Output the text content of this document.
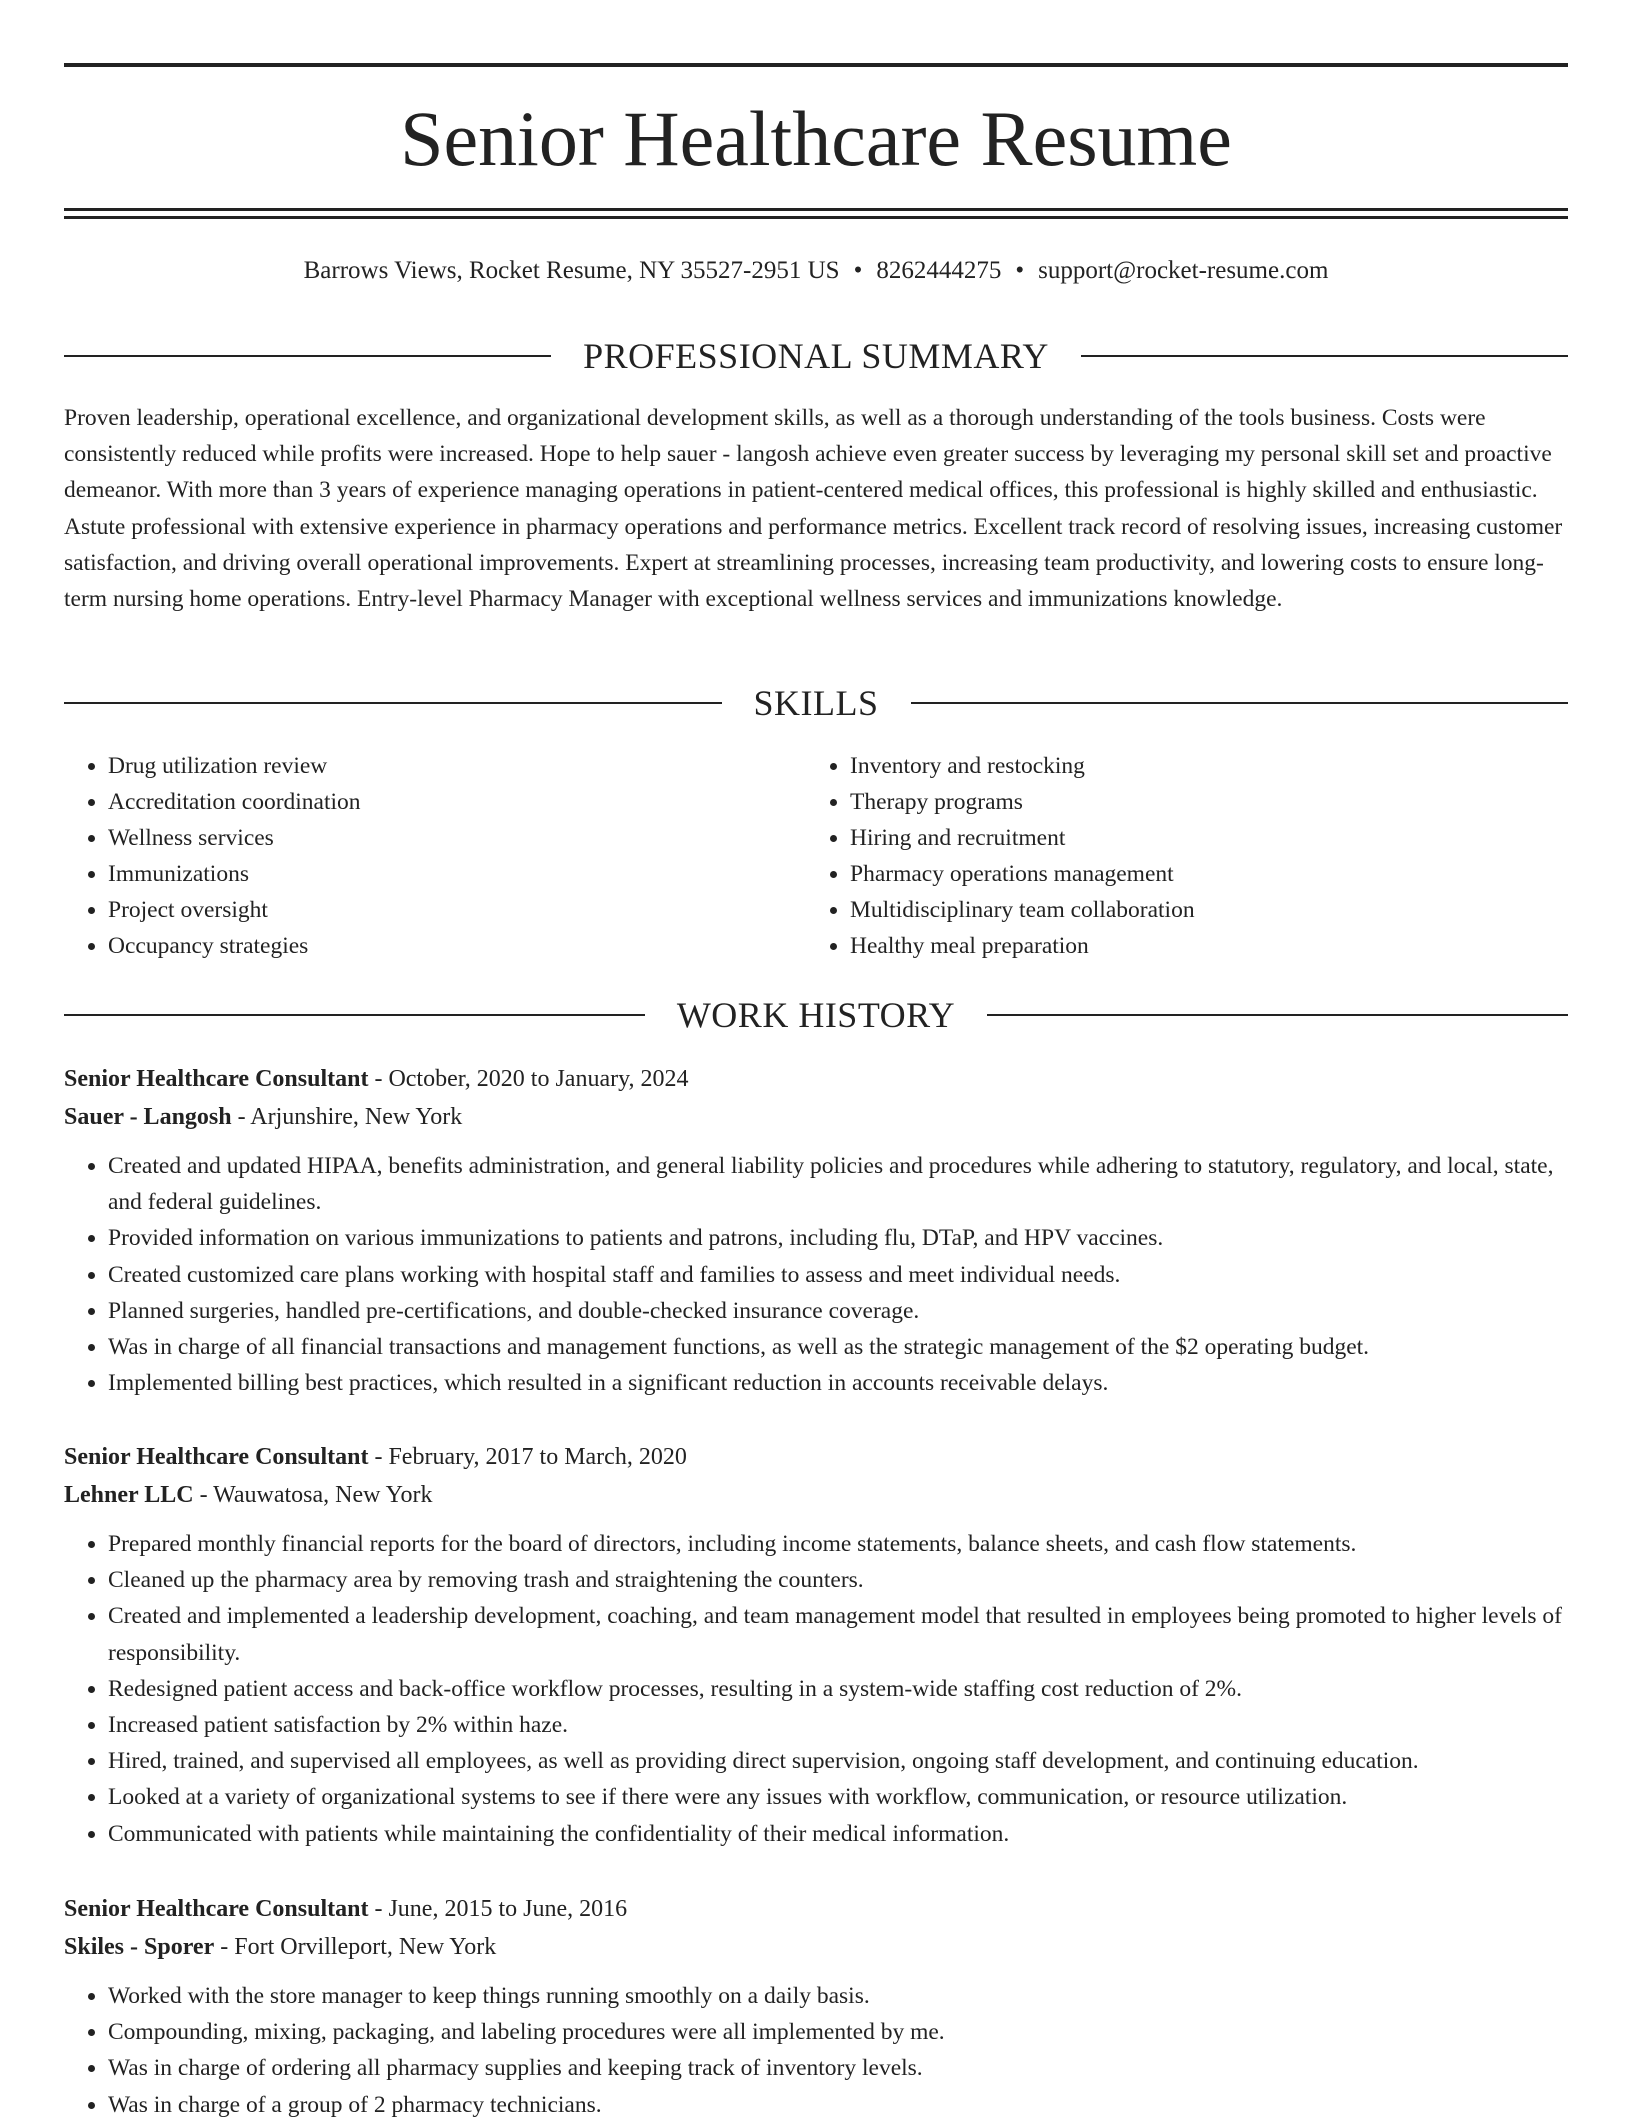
Senior Healthcare Resume
Barrows Views, Rocket Resume, NY 35527-2951 US • 8262444275 • support@rocket-resume.com
PROFESSIONAL SUMMARY

Proven leadership, operational excellence, and organizational development skills, as well as a thorough understanding of the tools business. Costs were consistently reduced while profits were increased. Hope to help sauer - langosh achieve even greater success by leveraging my personal skill set and proactive demeanor. With more than 3 years of experience managing operations in patient-centered medical offices, this professional is highly skilled and enthusiastic. Astute professional with extensive experience in pharmacy operations and performance metrics. Excellent track record of resolving issues, increasing customer satisfaction, and driving overall operational improvements. Expert at streamlining processes, increasing team productivity, and lowering costs to ensure long-term nursing home operations. Entry-level Pharmacy Manager with exceptional wellness services and immunizations knowledge.

SKILLS
• Drug utilization review
• Accreditation coordination
• Wellness services
• Immunizations
• Project oversight
• Occupancy strategies
• Inventory and restocking
• Therapy programs
• Hiring and recruitment
• Pharmacy operations management
• Multidisciplinary team collaboration
• Healthy meal preparation
WORK HISTORY
Senior Healthcare Consultant - October, 2020 to January, 2024
Sauer - Langosh - Arjunshire, New York
• Created and updated HIPAA, benefits administration, and general liability policies and procedures while adhering to statutory, regulatory, and local, state, and federal guidelines.
• Provided information on various immunizations to patients and patrons, including flu, DTaP, and HPV vaccines.
• Created customized care plans working with hospital staff and families to assess and meet individual needs.
• Planned surgeries, handled pre-certifications, and double-checked insurance coverage.
• Was in charge of all financial transactions and management functions, as well as the strategic management of the $2 operating budget.
• Implemented billing best practices, which resulted in a significant reduction in accounts receivable delays.
Senior Healthcare Consultant - February, 2017 to March, 2020
Lehner LLC - Wauwatosa, New York
• Prepared monthly financial reports for the board of directors, including income statements, balance sheets, and cash flow statements.
• Cleaned up the pharmacy area by removing trash and straightening the counters.
• Created and implemented a leadership development, coaching, and team management model that resulted in employees being promoted to higher levels of responsibility.
• Redesigned patient access and back-office workflow processes, resulting in a system-wide staffing cost reduction of 2%.
• Increased patient satisfaction by 2% within haze.
• Hired, trained, and supervised all employees, as well as providing direct supervision, ongoing staff development, and continuing education.
• Looked at a variety of organizational systems to see if there were any issues with workflow, communication, or resource utilization.
• Communicated with patients while maintaining the confidentiality of their medical information.
Senior Healthcare Consultant - June, 2015 to June, 2016
Skiles - Sporer - Fort Orvilleport, New York
• Worked with the store manager to keep things running smoothly on a daily basis.
• Compounding, mixing, packaging, and labeling procedures were all implemented by me.
• Was in charge of ordering all pharmacy supplies and keeping track of inventory levels.
• Was in charge of a group of 2 pharmacy technicians.
